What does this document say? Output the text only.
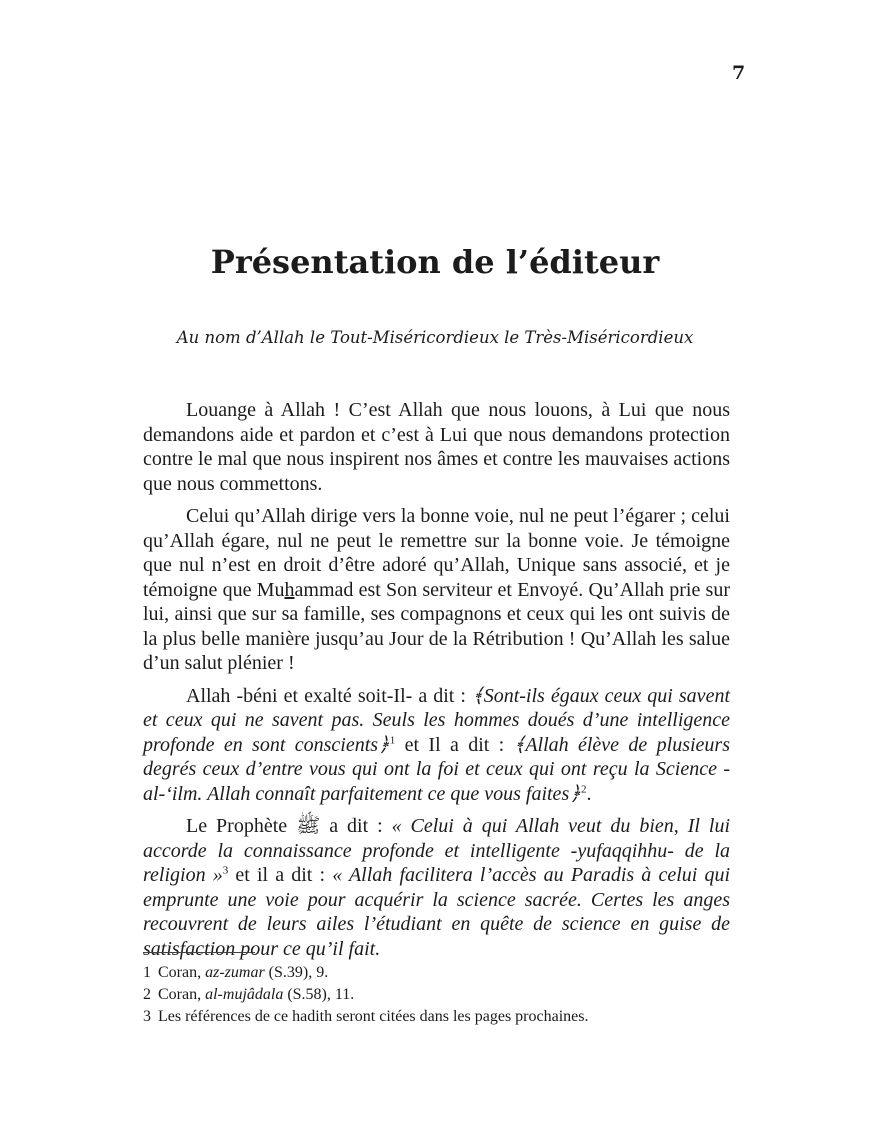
7
Présentation de l’éditeur
Au nom d’Allah le Tout-Miséricordieux le Très-Miséricordieux

Louange à Allah ! C’est Allah que nous louons, à Lui que nous demandons aide et pardon et c’est à Lui que nous demandons protection contre le mal que nous inspirent nos âmes et contre les mauvaises actions que nous commettons.

Celui qu’Allah dirige vers la bonne voie, nul ne peut l’égarer ; celui qu’Allah égare, nul ne peut le remettre sur la bonne voie. Je témoigne que nul n’est en droit d’être adoré qu’Allah, Unique sans associé, et je témoigne que Muhammad est Son serviteur et Envoyé. Qu’Allah prie sur lui, ainsi que sur sa famille, ses compagnons et ceux qui les ont suivis de la plus belle manière jusqu’au Jour de la Rétribution ! Qu’Allah les salue d’un salut plénier !

Allah -béni et exalté soit-Il- a dit : ﴾Sont-ils égaux ceux qui savent et ceux qui ne savent pas. Seuls les hommes doués d’une intelligence profonde en sont conscients﴿$^1$ et Il a dit : ﴾Allah élève de plusieurs degrés ceux d’entre vous qui ont la foi et ceux qui ont reçu la Science -al-‘ilm. Allah connaît parfaitement ce que vous faites﴿$^2$.

Le Prophète ﷺ a dit : « Celui à qui Allah veut du bien, Il lui accorde la connaissance profonde et intelligente -yufaqqihhu- de la religion »$^3$ et il a dit : « Allah facilitera l’accès au Paradis à celui qui emprunte une voie pour acquérir la science sacrée. Certes les anges recouvrent de leurs ailes l’étudiant en quête de science en guise de satisfaction pour ce qu’il fait.

1 Coran, az-zumar (S.39), 9.
2 Coran, al-mujâdala (S.58), 11.
3 Les références de ce hadith seront citées dans les pages prochaines.
